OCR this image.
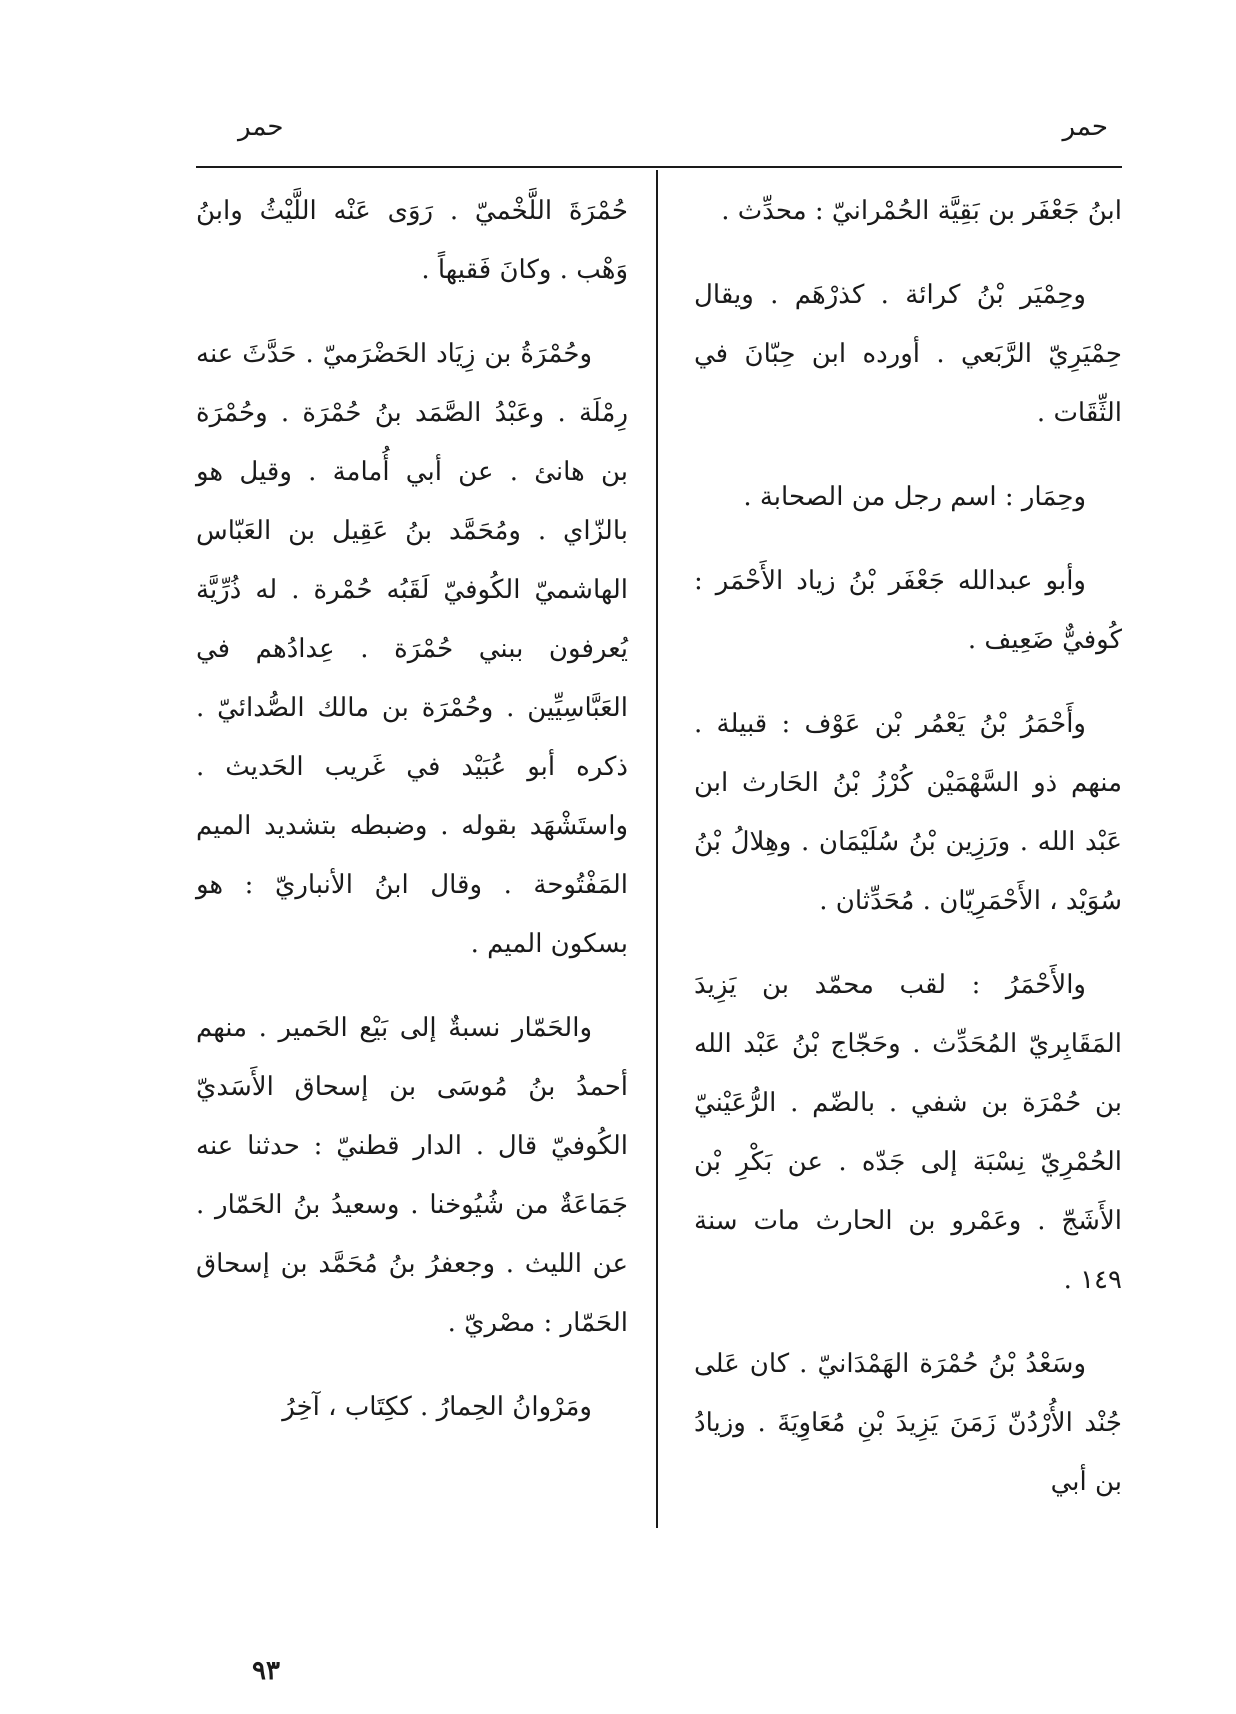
حمر
حمر

ابنُ جَعْفَر بن بَقِيَّة الحُمْرانيّ : محدِّث .

وحِمْيَر بْنُ كرائة . كذرْهَم . ويقال حِمْيَرِيّ الرَّبَعي . أورده ابن حِبّانَ في الثِّقَات .

وحِمَار : اسم رجل من الصحابة .

وأبو عبدالله جَعْفَر بْنُ زياد الأَحْمَر : كُوفيٌّ ضَعِيف .

وأَحْمَرُ بْنُ يَعْمُر بْن عَوْف : قبيلة . منهم ذو السَّهْمَيْن كُرْزُ بْنُ الحَارث ابن عَبْد الله . ورَزِين بْنُ سُلَيْمَان . وهِلالُ بْنُ سُوَيْد ، الأَحْمَرِيّان . مُحَدِّثان .

والأَحْمَرُ : لقب محمّد بن يَزِيدَ المَقَابِريّ المُحَدِّث . وحَجّاج بْنُ عَبْد الله بن حُمْرَة بن شفي . بالضّم . الرُّعَيْنيّ الحُمْرِيّ نِسْبَة إلى جَدّه . عن بَكْرِ بْن الأَشَجّ . وعَمْرو بن الحارث مات سنة ١٤٩ .

وسَعْدُ بْنُ حُمْرَة الهَمْدَانيّ . كان عَلى جُنْد الأُرْدُنّ زَمَنَ يَزِيدَ بْنِ مُعَاوِيَةَ . وزيادُ بن أبي

حُمْرَةَ اللَّخْميّ . رَوَى عَنْه اللَّيْثُ وابنُ وَهْب . وكانَ فَقيهاً .

وحُمْرَةُ بن زِيَاد الحَضْرَميّ . حَدَّثَ عنه رِمْلَة . وعَبْدُ الصَّمَد بنُ حُمْرَة . وحُمْرَة بن هانئ . عن أبي أُمامة . وقيل هو بالزّاي . ومُحَمَّد بنُ عَقِيل بن العَبّاس الهاشميّ الكُوفيّ لَقَبُه حُمْرة . له ذُرِّيَّة يُعرفون ببني حُمْرَة . عِدادُهم في العَبَّاسِيِّين . وحُمْرَة بن مالك الصُّدائيّ . ذكره أبو عُبَيْد في غَريب الحَديث . واستَشْهَد بقوله . وضبطه بتشديد الميم المَفْتُوحة . وقال ابنُ الأنباريّ : هو بسكون الميم .

والحَمّار نسبةٌ إلى بَيْع الحَمير . منهم أحمدُ بنُ مُوسَى بن إسحاق الأَسَديّ الكُوفيّ قال . الدار قطنيّ : حدثنا عنه جَمَاعَةٌ من شُيُوخنا . وسعيدُ بنُ الحَمّار . عن الليث . وجعفرُ بنُ مُحَمَّد بن إسحاق الحَمّار : مصْريّ .

ومَرْوانُ الحِمارُ . ككِتَاب ، آخِرُ

٩٣
